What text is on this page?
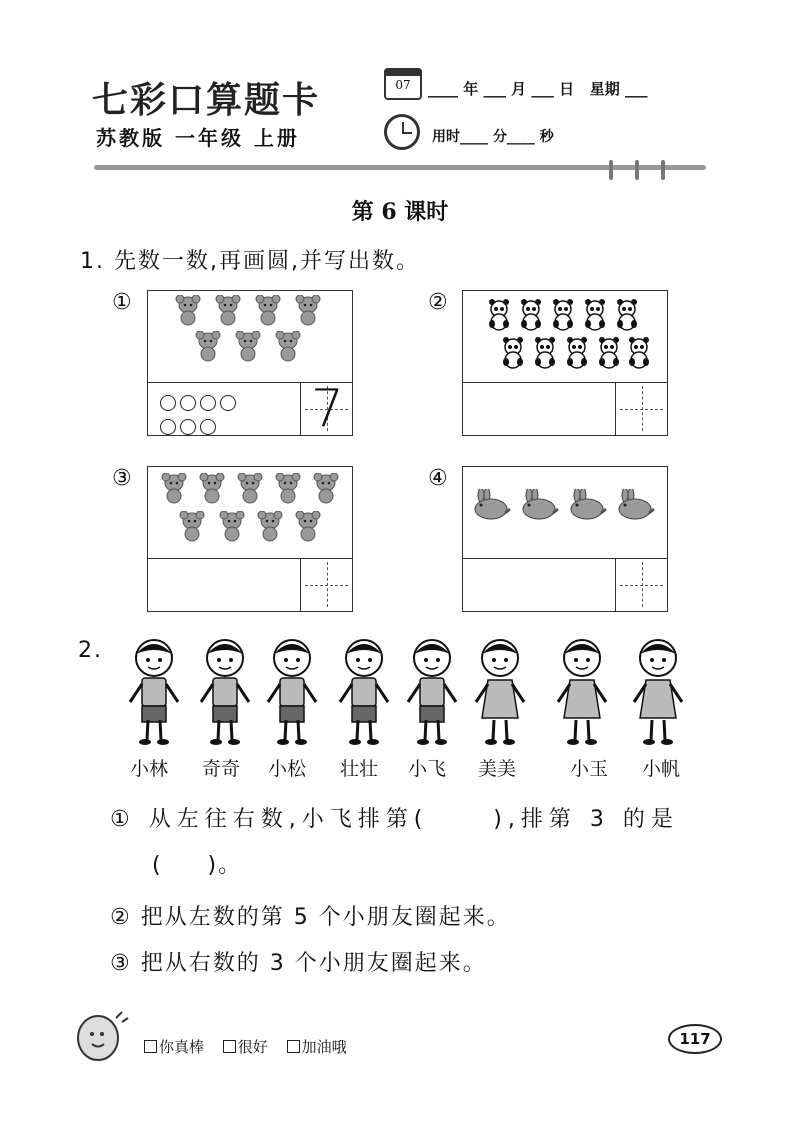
七彩口算题卡
苏教版 一年级 上册
07	____ 年 ___ 月 ___ 日   星期 ___
用时____ 分____ 秒
第 6 课时
1. 先数一数,再画圆,并写出数。
①
7
②
③	④
2.
小林 奇奇 小松 壮壮 小飞 美美	小玉 小帆
① 从左往右数,小飞排第(     ),排第 3 的是
(     )。
② 把从左数的第 5 个小朋友圈起来。
③ 把从右数的 3 个小朋友圈起来。
你真棒 很好 加油哦	117
